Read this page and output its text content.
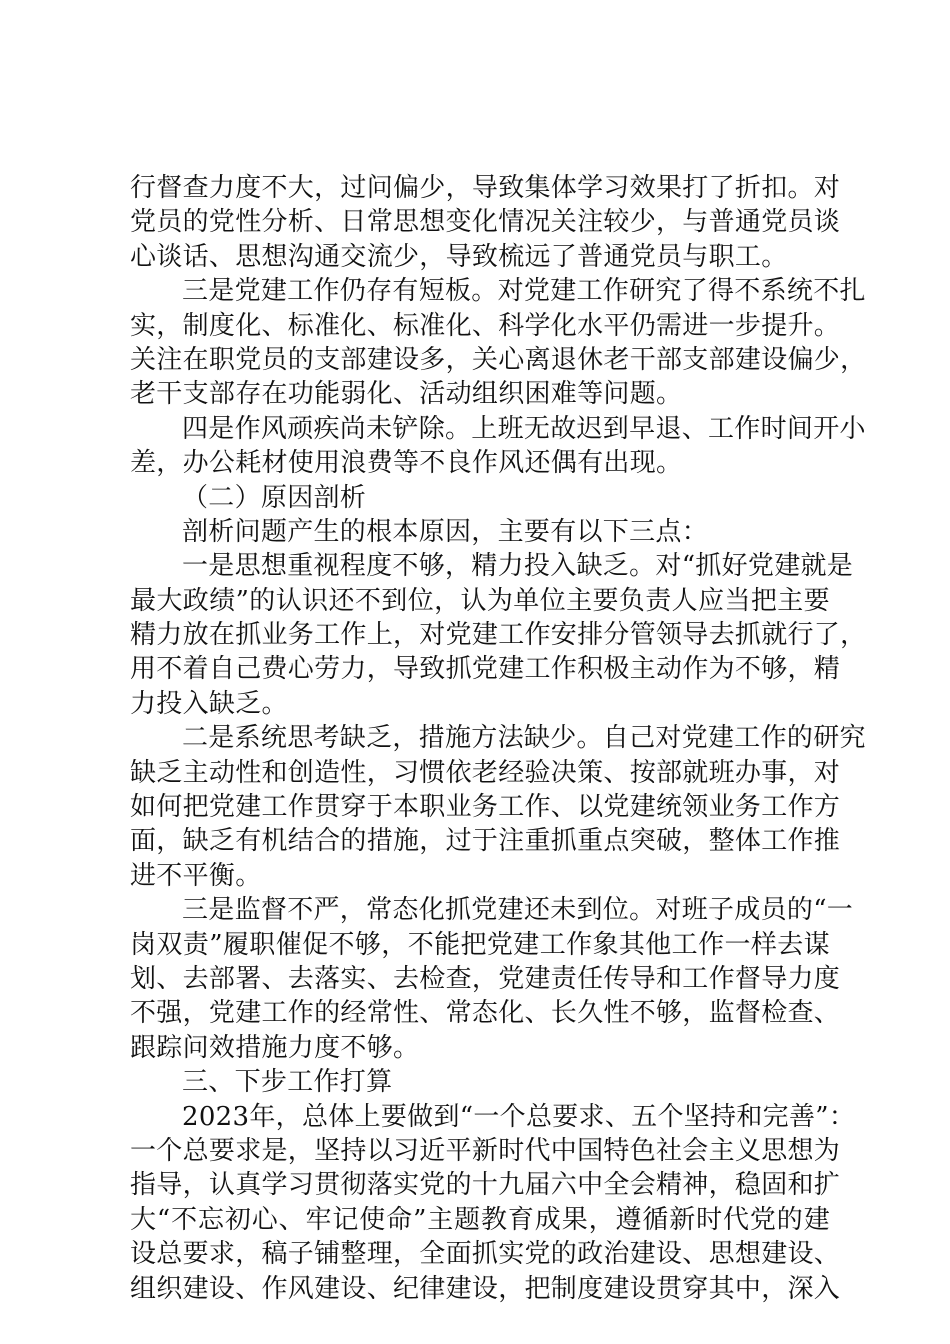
行督查力度不大，过问偏少，导致集体学习效果打了折扣。对
党员的党性分析、日常思想变化情况关注较少，与普通党员谈
心谈话、思想沟通交流少，导致梳远了普通党员与职工。
三是党建工作仍存有短板。对党建工作研究了得不系统不扎
实，制度化、标准化、标准化、科学化水平仍需进一步提升。
关注在职党员的支部建设多，关心离退休老干部支部建设偏少，
老干支部存在功能弱化、活动组织困难等问题。
四是作风顽疾尚未铲除。上班无故迟到早退、工作时间开小
差，办公耗材使用浪费等不良作风还偶有出现。
（二）原因剖析
剖析问题产生的根本原因，主要有以下三点：
一是思想重视程度不够，精力投入缺乏。对“抓好党建就是
最大政绩”的认识还不到位，认为单位主要负责人应当把主要
精力放在抓业务工作上，对党建工作安排分管领导去抓就行了，
用不着自己费心劳力，导致抓党建工作积极主动作为不够，精
力投入缺乏。
二是系统思考缺乏，措施方法缺少。自己对党建工作的研究
缺乏主动性和创造性，习惯依老经验决策、按部就班办事，对
如何把党建工作贯穿于本职业务工作、以党建统领业务工作方
面，缺乏有机结合的措施，过于注重抓重点突破，整体工作推
进不平衡。
三是监督不严，常态化抓党建还未到位。对班子成员的“一
岗双责”履职催促不够，不能把党建工作象其他工作一样去谋
划、去部署、去落实、去检查，党建责任传导和工作督导力度
不强，党建工作的经常性、常态化、长久性不够，监督检查、
跟踪问效措施力度不够。
三、下步工作打算
2023年，总体上要做到“一个总要求、五个坚持和完善”：
一个总要求是，坚持以习近平新时代中国特色社会主义思想为
指导，认真学习贯彻落实党的十九届六中全会精神，稳固和扩
大“不忘初心、牢记使命”主题教育成果，遵循新时代党的建
设总要求，稿子铺整理，全面抓实党的政治建设、思想建设、
组织建设、作风建设、纪律建设，把制度建设贯穿其中，深入
